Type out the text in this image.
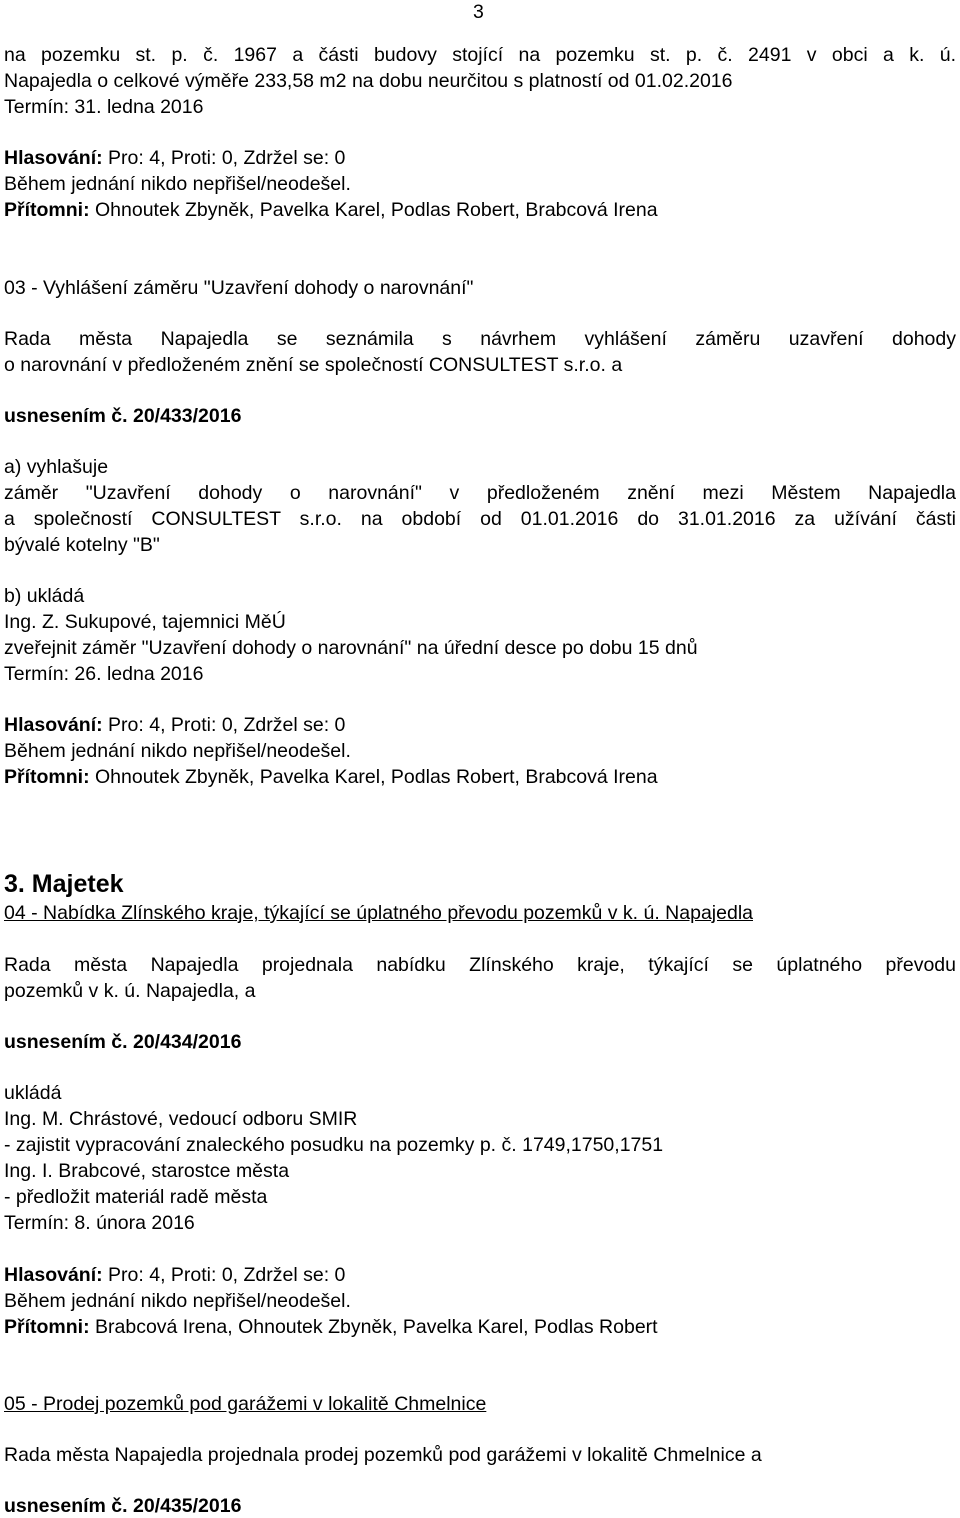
3
na pozemku st. p. č. 1967 a části budovy stojící na pozemku st. p. č. 2491 v obci a k. ú.
Napajedla o celkové výměře 233,58 m2 na dobu neurčitou s platností od 01.02.2016
Termín: 31. ledna 2016
Hlasování: Pro: 4, Proti: 0, Zdržel se: 0
Během jednání nikdo nepřišel/neodešel.
Přítomni: Ohnoutek Zbyněk, Pavelka Karel, Podlas Robert, Brabcová Irena
03 - Vyhlášení záměru "Uzavření dohody o narovnání"
Rada města Napajedla se seznámila s návrhem vyhlášení záměru uzavření dohody
o narovnání v předloženém znění se společností CONSULTEST s.r.o. a
usnesením č. 20/433/2016
a) vyhlašuje
záměr "Uzavření dohody o narovnání" v předloženém znění mezi Městem Napajedla
a společností CONSULTEST s.r.o. na období od 01.01.2016 do 31.01.2016 za užívání části
bývalé kotelny "B"
b) ukládá
Ing. Z. Sukupové, tajemnici MěÚ
zveřejnit záměr "Uzavření dohody o narovnání" na úřední desce po dobu 15 dnů
Termín: 26. ledna 2016
Hlasování: Pro: 4, Proti: 0, Zdržel se: 0
Během jednání nikdo nepřišel/neodešel.
Přítomni: Ohnoutek Zbyněk, Pavelka Karel, Podlas Robert, Brabcová Irena
3. Majetek
04 - Nabídka Zlínského kraje, týkající se úplatného převodu pozemků v k. ú. Napajedla
Rada města Napajedla projednala nabídku Zlínského kraje, týkající se úplatného převodu
pozemků v k. ú. Napajedla, a
usnesením č. 20/434/2016
ukládá
Ing. M. Chrástové, vedoucí odboru SMIR
- zajistit vypracování znaleckého posudku na pozemky p. č. 1749,1750,1751
Ing. I. Brabcové, starostce města
- předložit materiál radě města
Termín: 8. února 2016
Hlasování: Pro: 4, Proti: 0, Zdržel se: 0
Během jednání nikdo nepřišel/neodešel.
Přítomni: Brabcová Irena, Ohnoutek Zbyněk, Pavelka Karel, Podlas Robert
05 - Prodej pozemků pod garážemi v lokalitě Chmelnice
Rada města Napajedla projednala prodej pozemků pod garážemi v lokalitě Chmelnice a
usnesením č. 20/435/2016
